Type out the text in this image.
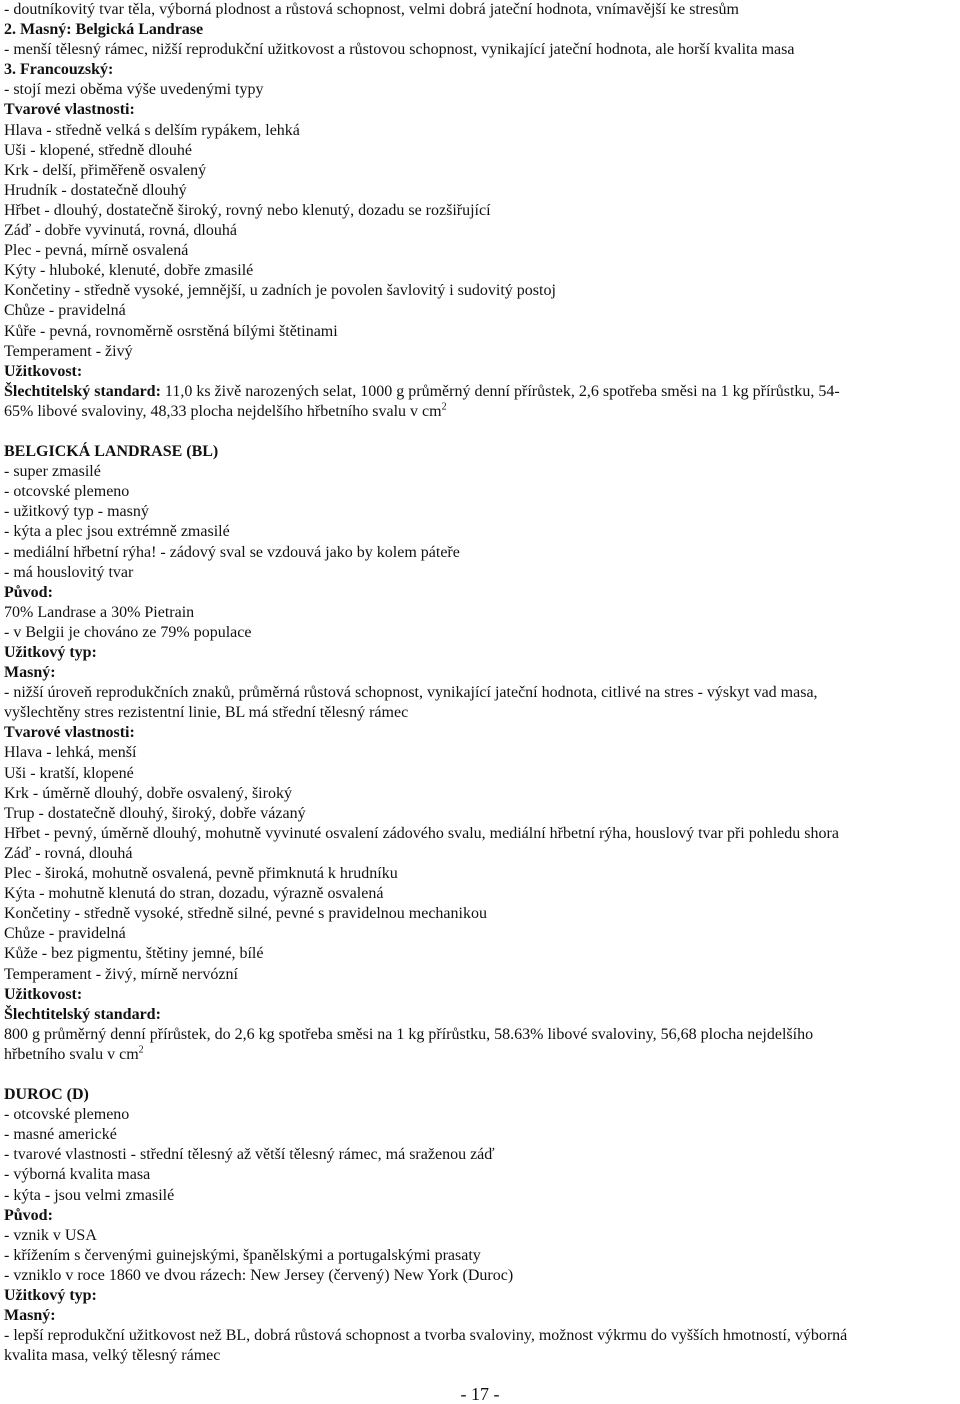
- doutníkovitý tvar těla, výborná plodnost a růstová schopnost, velmi dobrá jateční hodnota, vnímavější ke stresům
2. Masný: Belgická Landrase
- menší tělesný rámec, nižší reprodukční užitkovost a růstovou schopnost, vynikající jateční hodnota, ale horší kvalita masa
3. Francouzský:
- stojí mezi oběma výše uvedenými typy
Tvarové vlastnosti:
Hlava - středně velká s delším rypákem, lehká
Uši - klopené, středně dlouhé
Krk - delší, přiměřeně osvalený
Hrudník - dostatečně dlouhý
Hřbet - dlouhý, dostatečně široký, rovný nebo klenutý, dozadu se rozšiřující
Záď - dobře vyvinutá, rovná, dlouhá
Plec - pevná, mírně osvalená
Kýty - hluboké, klenuté, dobře zmasilé
Končetiny - středně vysoké, jemnější, u zadních je povolen šavlovitý i sudovitý postoj
Chůze - pravidelná
Kůře - pevná, rovnoměrně osrstěná bílými štětinami
Temperament - živý
Užitkovost:
Šlechtitelský standard: 11,0 ks živě narozených selat, 1000 g průměrný denní přírůstek, 2,6 spotřeba směsi na 1 kg přírůstku, 54-
65% libové svaloviny, 48,33 plocha nejdelšího hřbetního svalu v $cm^2$
BELGICKÁ LANDRASE (BL)
- super zmasilé
- otcovské plemeno
- užitkový typ - masný
- kýta a plec jsou extrémně zmasilé
- mediální hřbetní rýha! - zádový sval se vzdouvá jako by kolem páteře
- má houslovitý tvar
Původ:
70% Landrase a 30% Pietrain
- v Belgii je chováno ze 79% populace
Užitkový typ:
Masný:
- nižší úroveň reprodukčních znaků, průměrná růstová schopnost, vynikající jateční hodnota, citlivé na stres - výskyt vad masa,
vyšlechtěny stres rezistentní linie, BL má střední tělesný rámec
Tvarové vlastnosti:
Hlava - lehká, menší
Uši - kratší, klopené
Krk - úměrně dlouhý, dobře osvalený, široký
Trup - dostatečně dlouhý, široký, dobře vázaný
Hřbet - pevný, úměrně dlouhý, mohutně vyvinuté osvalení zádového svalu, mediální hřbetní rýha, houslový tvar při pohledu shora
Záď - rovná, dlouhá
Plec - široká, mohutně osvalená, pevně přimknutá k hrudníku
Kýta - mohutně klenutá do stran, dozadu, výrazně osvalená
Končetiny - středně vysoké, středně silné, pevné s pravidelnou mechanikou
Chůze - pravidelná
Kůže - bez pigmentu, štětiny jemné, bílé
Temperament - živý, mírně nervózní
Užitkovost:
Šlechtitelský standard:
800 g průměrný denní přírůstek, do 2,6 kg spotřeba směsi na 1 kg přírůstku, 58.63% libové svaloviny, 56,68 plocha nejdelšího
hřbetního svalu v $cm^2$
DUROC (D)
- otcovské plemeno
- masné americké
- tvarové vlastnosti - střední tělesný až větší tělesný rámec, má sraženou záď
- výborná kvalita masa
- kýta - jsou velmi zmasilé
Původ:
- vznik v USA
- křížením s červenými guinejskými, španělskými a portugalskými prasaty
- vzniklo v roce 1860 ve dvou rázech: New Jersey (červený) New York (Duroc)
Užitkový typ:
Masný:
- lepší reprodukční užitkovost než BL, dobrá růstová schopnost a tvorba svaloviny, možnost výkrmu do vyšších hmotností, výborná
kvalita masa, velký tělesný rámec
- 17 -
